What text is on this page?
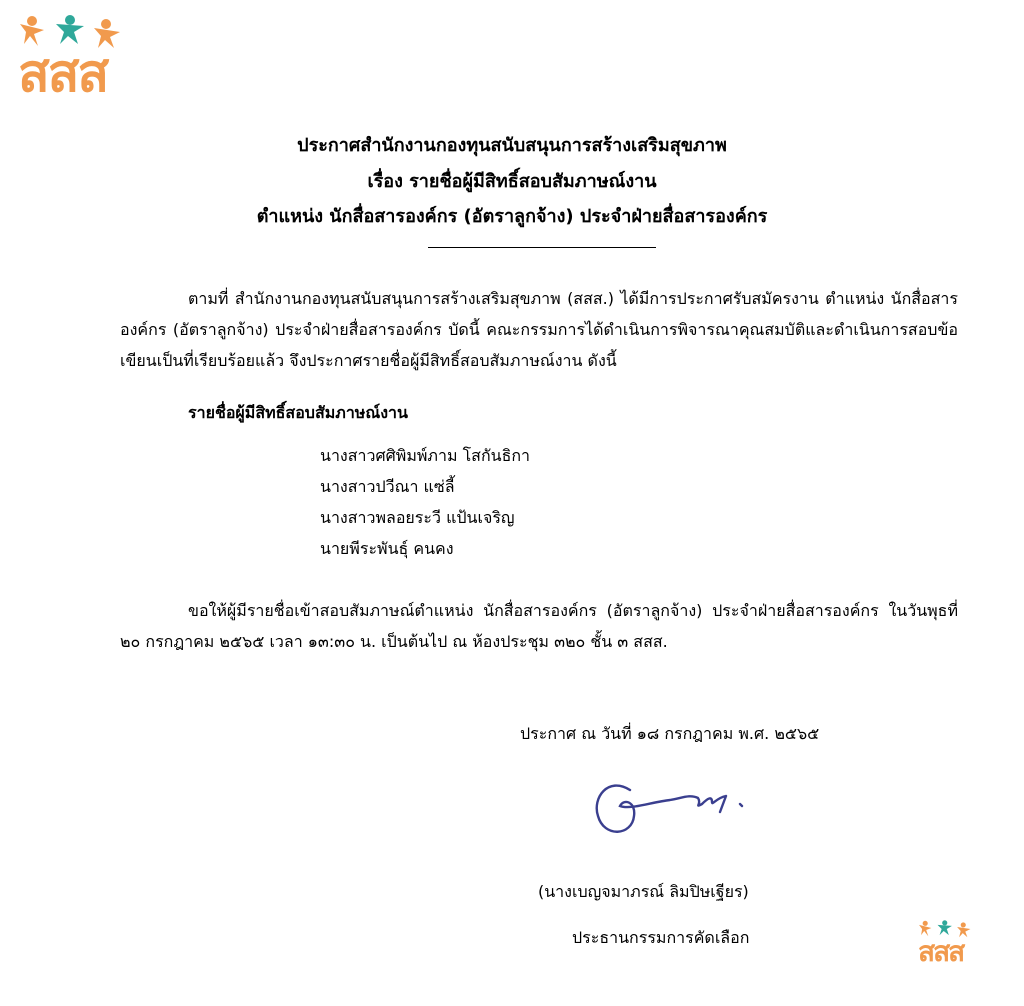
สสส
ประกาศสำนักงานกองทุนสนับสนุนการสร้างเสริมสุขภาพ
เรื่อง รายชื่อผู้มีสิทธิ์สอบสัมภาษณ์งาน
ตำแหน่ง นักสื่อสารองค์กร (อัตราลูกจ้าง) ประจำฝ่ายสื่อสารองค์กร
ตามที่ สำนักงานกองทุนสนับสนุนการสร้างเสริมสุขภาพ (สสส.) ได้มีการประกาศรับสมัครงาน ตำแหน่ง นักสื่อสารองค์กร (อัตราลูกจ้าง) ประจำฝ่ายสื่อสารองค์กร บัดนี้ คณะกรรมการได้ดำเนินการพิจารณาคุณสมบัติและดำเนินการสอบข้อเขียนเป็นที่เรียบร้อยแล้ว จึงประกาศรายชื่อผู้มีสิทธิ์สอบสัมภาษณ์งาน ดังนี้
รายชื่อผู้มีสิทธิ์สอบสัมภาษณ์งาน
นางสาวศศิพิมพ์ภาม โสกันธิกา
นางสาวปวีณา แซ่ลี้
นางสาวพลอยระวี แป้นเจริญ
นายพีระพันธุ์ คนคง
ขอให้ผู้มีรายชื่อเข้าสอบสัมภาษณ์ตำแหน่ง นักสื่อสารองค์กร (อัตราลูกจ้าง) ประจำฝ่ายสื่อสารองค์กร ในวันพุธที่ ๒๐ กรกฎาคม ๒๕๖๕ เวลา ๑๓:๓๐ น. เป็นต้นไป ณ ห้องประชุม ๓๒๐ ชั้น ๓ สสส.
ประกาศ ณ วันที่ ๑๘ กรกฎาคม พ.ศ. ๒๕๖๕
(นางเบญจมาภรณ์ ลิมปิษเฐียร)
ประธานกรรมการคัดเลือก	สสส
